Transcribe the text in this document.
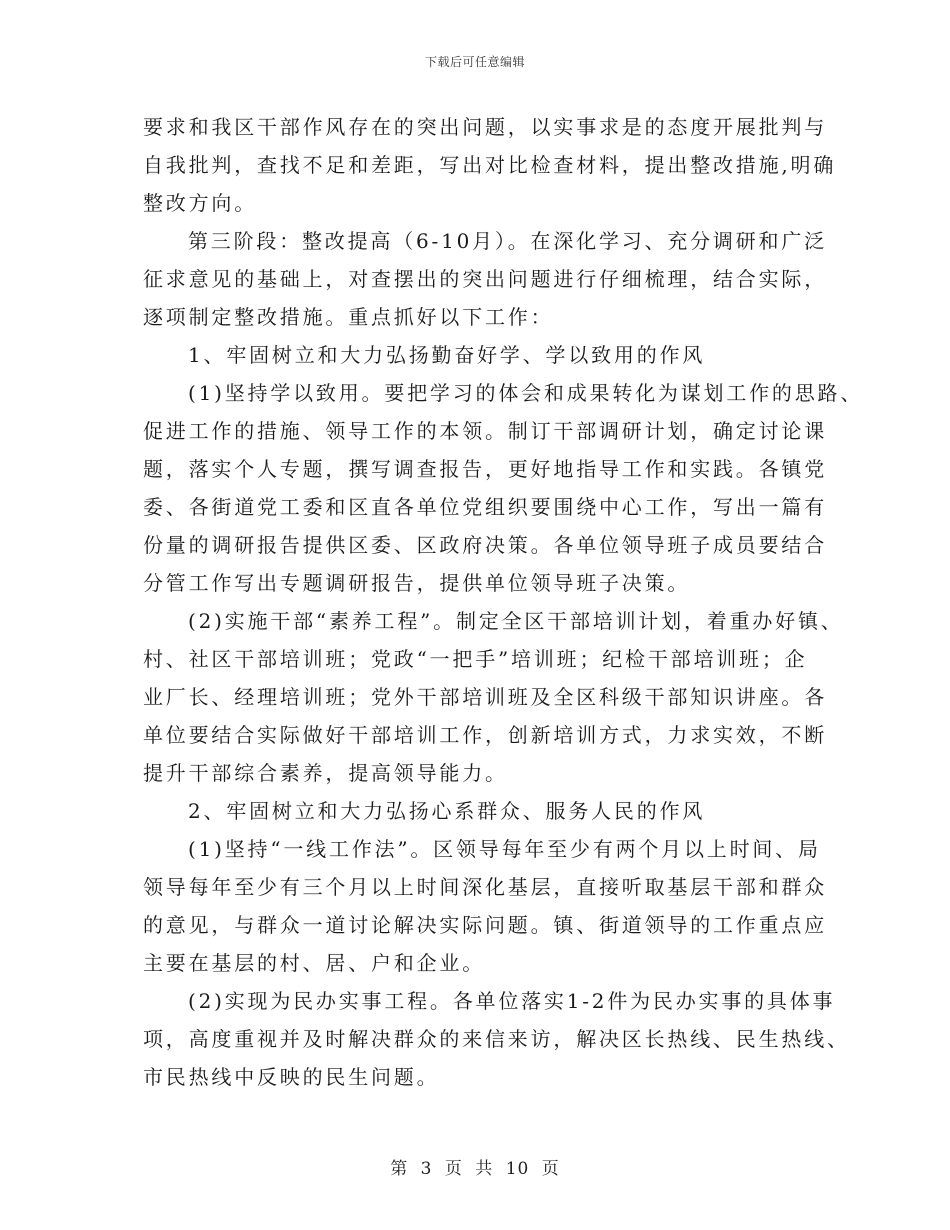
下载后可任意编辑
要求和我区干部作风存在的突出问题，以实事求是的态度开展批判与
自我批判，查找不足和差距，写出对比检查材料，提出整改措施,明确
整改方向。
第三阶段：整改提高（6-10月）。在深化学习、充分调研和广泛
征求意见的基础上，对查摆出的突出问题进行仔细梳理，结合实际，
逐项制定整改措施。重点抓好以下工作：
1、牢固树立和大力弘扬勤奋好学、学以致用的作风
(1)坚持学以致用。要把学习的体会和成果转化为谋划工作的思路、
促进工作的措施、领导工作的本领。制订干部调研计划，确定讨论课
题，落实个人专题，撰写调查报告，更好地指导工作和实践。各镇党
委、各街道党工委和区直各单位党组织要围绕中心工作，写出一篇有
份量的调研报告提供区委、区政府决策。各单位领导班子成员要结合
分管工作写出专题调研报告，提供单位领导班子决策。
(2)实施干部“素养工程”。制定全区干部培训计划，着重办好镇、
村、社区干部培训班；党政“一把手”培训班；纪检干部培训班；企
业厂长、经理培训班；党外干部培训班及全区科级干部知识讲座。各
单位要结合实际做好干部培训工作，创新培训方式，力求实效，不断
提升干部综合素养，提高领导能力。
2、牢固树立和大力弘扬心系群众、服务人民的作风
(1)坚持“一线工作法”。区领导每年至少有两个月以上时间、局
领导每年至少有三个月以上时间深化基层，直接听取基层干部和群众
的意见，与群众一道讨论解决实际问题。镇、街道领导的工作重点应
主要在基层的村、居、户和企业。
(2)实现为民办实事工程。各单位落实1-2件为民办实事的具体事
项，高度重视并及时解决群众的来信来访，解决区长热线、民生热线、
市民热线中反映的民生问题。
第 3 页 共 10 页
